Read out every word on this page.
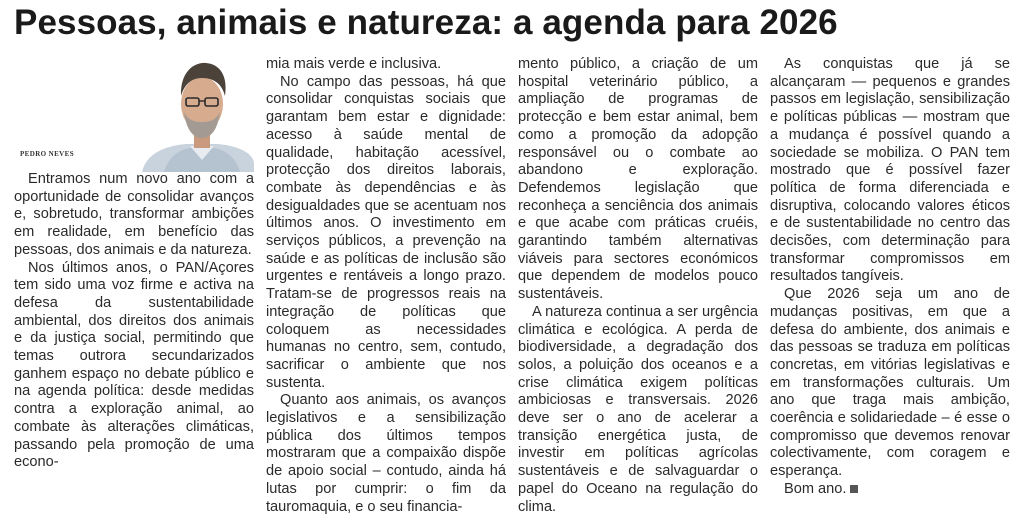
Pessoas, animais e natureza: a agenda para 2026
PEDRO NEVES

Entramos num novo ano com a oportunidade de consolidar avanços e, sobretudo, transformar ambições em realidade, em benefício das pessoas, dos animais e da natureza.

Nos últimos anos, o PAN/Açores tem sido uma voz firme e activa na defesa da sustentabilidade ambiental, dos direitos dos animais e da justiça social, permitindo que temas outrora secundarizados ganhem espaço no debate público e na agenda política: desde medidas contra a exploração animal, ao combate às alterações climáticas, passando pela promoção de uma econo-

mia mais verde e inclusiva.

No campo das pessoas, há que consolidar conquistas sociais que garantam bem estar e dignidade: acesso à saúde mental de qualidade, habitação acessível, protecção dos direitos laborais, combate às dependências e às desigualdades que se acentuam nos últimos anos. O investimento em serviços públicos, a prevenção na saúde e as políticas de inclusão são urgentes e rentáveis a longo prazo. Tratam-se de progressos reais na integração de políticas que coloquem as necessidades humanas no centro, sem, contudo, sacrificar o ambiente que nos sustenta.

Quanto aos animais, os avanços legislativos e a sensibilização pública dos últimos tempos mostraram que a compaixão dispõe de apoio social – contudo, ainda há lutas por cumprir: o fim da tauromaquia, e o seu financia-

mento público, a criação de um hospital veterinário público, a ampliação de programas de protecção e bem estar animal, bem como a promoção da adopção responsável ou o combate ao abandono e exploração. Defendemos legislação que reconheça a senciência dos animais e que acabe com práticas cruéis, garantindo também alternativas viáveis para sectores económicos que dependem de modelos pouco sustentáveis.

A natureza continua a ser urgência climática e ecológica. A perda de biodiversidade, a degradação dos solos, a poluição dos oceanos e a crise climática exigem políticas ambiciosas e transversais. 2026 deve ser o ano de acelerar a transição energética justa, de investir em políticas agrícolas sustentáveis e de salvaguardar o papel do Oceano na regulação do clima.

As conquistas que já se alcançaram — pequenos e grandes passos em legislação, sensibilização e políticas públicas — mostram que a mudança é possível quando a sociedade se mobiliza. O PAN tem mostrado que é possível fazer política de forma diferenciada e disruptiva, colocando valores éticos e de sustentabilidade no centro das decisões, com determinação para transformar compromissos em resultados tangíveis.

Que 2026 seja um ano de mudanças positivas, em que a defesa do ambiente, dos animais e das pessoas se traduza em políticas concretas, em vitórias legislativas e em transformações culturais. Um ano que traga mais ambição, coerência e solidariedade – é esse o compromisso que devemos renovar colectivamente, com coragem e esperança.

Bom ano.
